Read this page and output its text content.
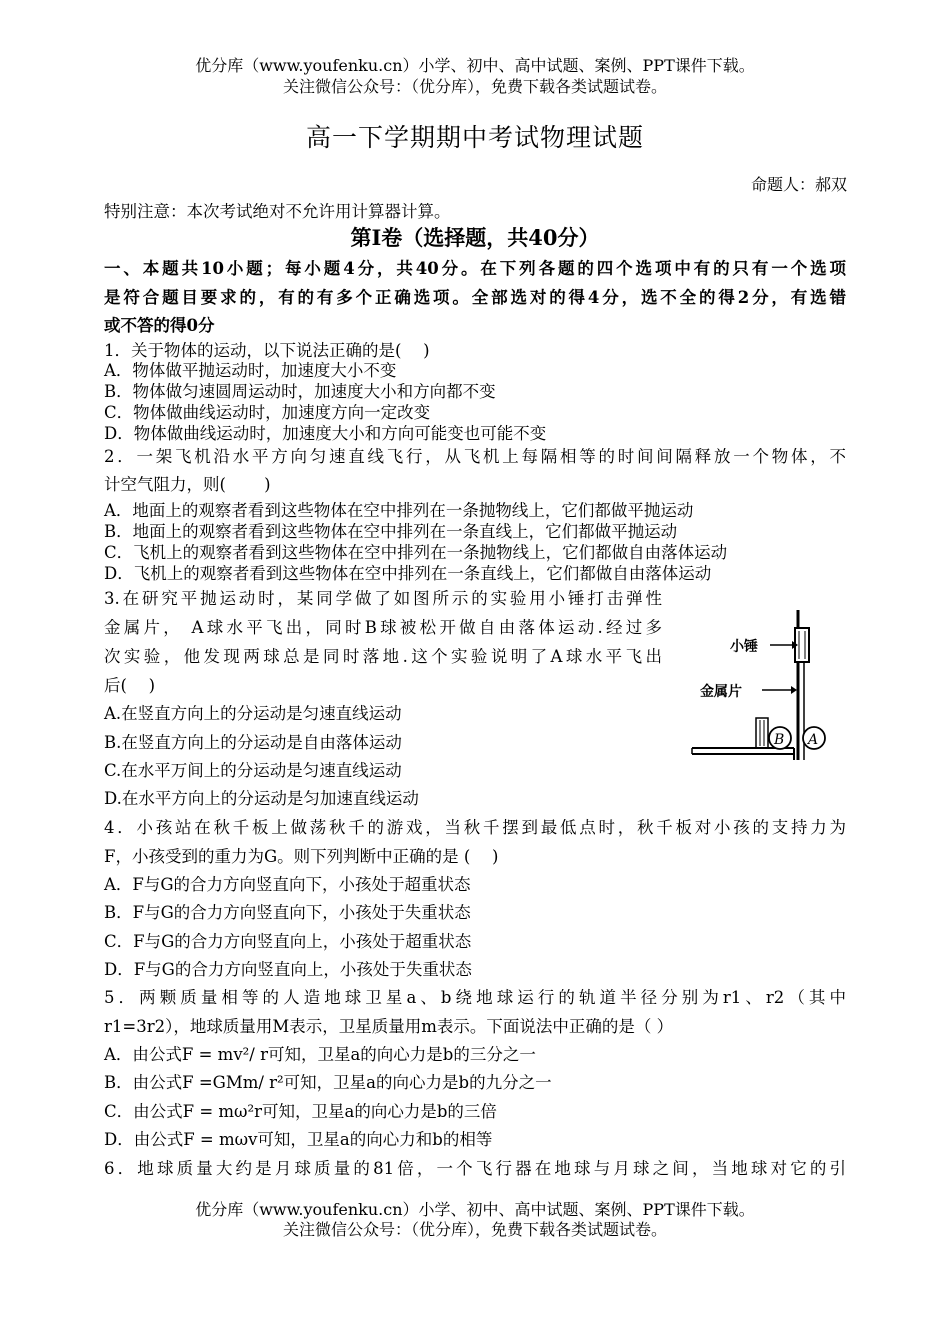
优分库（www.youfenku.cn）小学、初中、高中试题、案例、PPT课件下载。
关注微信公众号：（优分库），免费下载各类试题试卷。
高一下学期期中考试物理试题
命题人：郝双
特别注意：本次考试绝对不允许用计算器计算。
第Ⅰ卷（选择题，共40分）
一、本题共10小题；每小题4分，共40分。在下列各题的四个选项中有的只有一个选项
是符合题目要求的，有的有多个正确选项。全部选对的得4分，选不全的得2分，有选错
或不答的得0分
1．关于物体的运动，以下说法正确的是(　 )
A．物体做平抛运动时，加速度大小不变
B．物体做匀速圆周运动时，加速度大小和方向都不变
C．物体做曲线运动时，加速度方向一定改变
D．物体做曲线运动时，加速度大小和方向可能变也可能不变
2．一架飞机沿水平方向匀速直线飞行，从飞机上每隔相等的时间间隔释放一个物体，不
计空气阻力，则(　　 )
A．地面上的观察者看到这些物体在空中排列在一条抛物线上，它们都做平抛运动
B．地面上的观察者看到这些物体在空中排列在一条直线上，它们都做平抛运动
C．飞机上的观察者看到这些物体在空中排列在一条抛物线上，它们都做自由落体运动
D．飞机上的观察者看到这些物体在空中排列在一条直线上，它们都做自由落体运动
3.在研究平抛运动时，某同学做了如图所示的实验用小锤打击弹性
金属片， A球水平飞出，同时B球被松开做自由落体运动.经过多
次实验，他发现两球总是同时落地.这个实验说明了A球水平飞出
后(　 )
A.在竖直方向上的分运动是匀速直线运动
B.在竖直方向上的分运动是自由落体运动
C.在水平万间上的分运动是匀速直线运动
D.在水平方向上的分运动是匀加速直线运动
小锤
金属片
B A
4．小孩站在秋千板上做荡秋千的游戏，当秋千摆到最低点时，秋千板对小孩的支持力为
F，小孩受到的重力为G。则下列判断中正确的是 (　 )
A．F与G的合力方向竖直向下，小孩处于超重状态
B．F与G的合力方向竖直向下，小孩处于失重状态
C．F与G的合力方向竖直向上，小孩处于超重状态
D．F与G的合力方向竖直向上，小孩处于失重状态
5．两颗质量相等的人造地球卫星a、b绕地球运行的轨道半径分别为r1、r2（其中
r1=3r2），地球质量用M表示，卫星质量用m表示。下面说法中正确的是（ ）
A．由公式F = mv²/ r可知，卫星a的向心力是b的三分之一
B．由公式F =GMm/ r²可知，卫星a的向心力是b的九分之一
C．由公式F = mω²r可知，卫星a的向心力是b的三倍
D．由公式F = mωv可知，卫星a的向心力和b的相等
6．地球质量大约是月球质量的81倍，一个飞行器在地球与月球之间，当地球对它的引
优分库（www.youfenku.cn）小学、初中、高中试题、案例、PPT课件下载。
关注微信公众号：（优分库），免费下载各类试题试卷。
